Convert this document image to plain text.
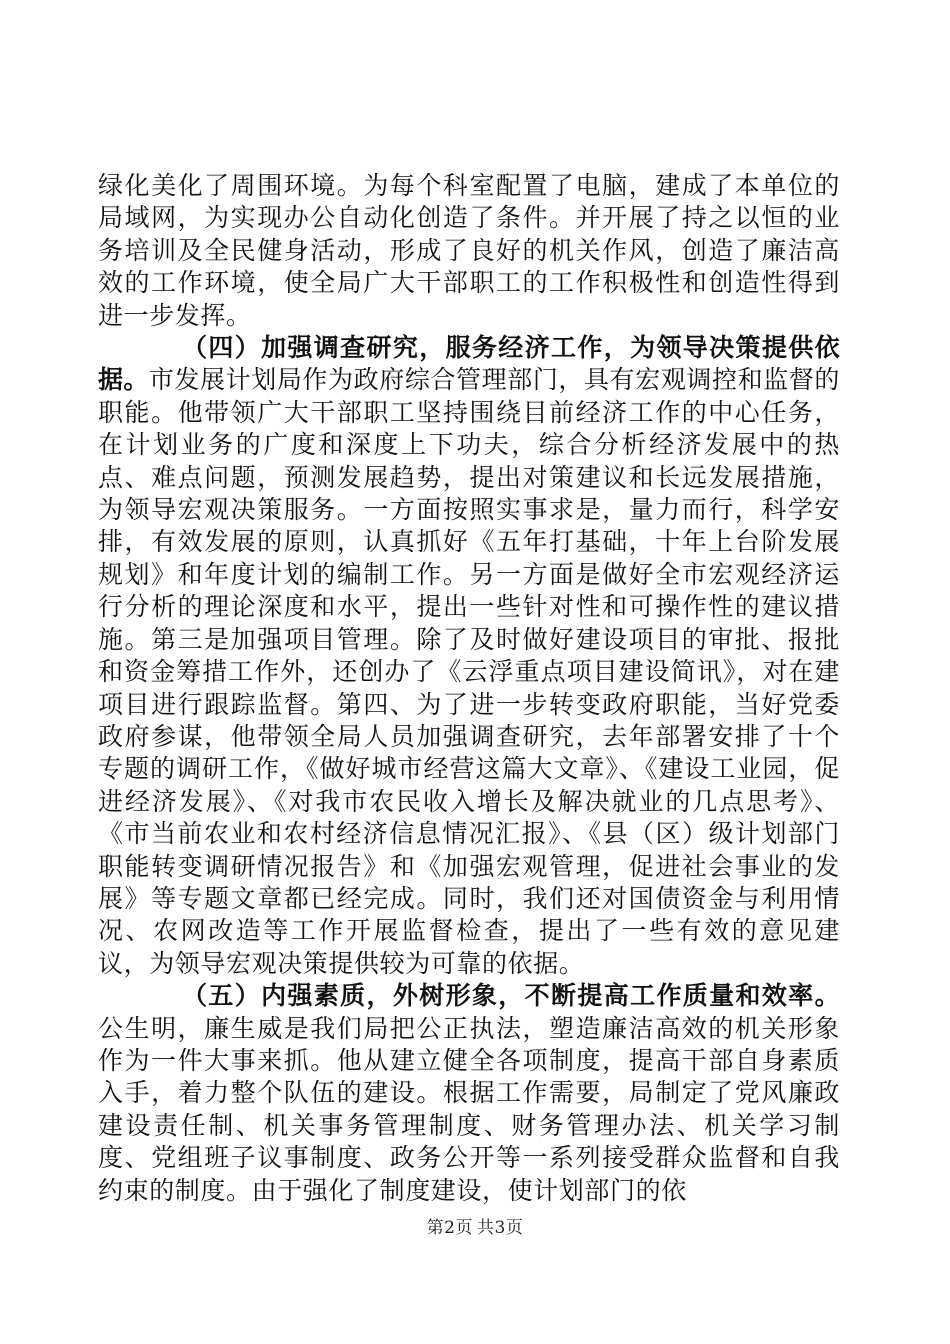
绿化美化了周围环境。为每个科室配置了电脑，建成了本单位的局域网，为实现办公自动化创造了条件。并开展了持之以恒的业务培训及全民健身活动，形成了良好的机关作风，创造了廉洁高效的工作环境，使全局广大干部职工的工作积极性和创造性得到进一步发挥。

（四）加强调查研究，服务经济工作，为领导决策提供依据。市发展计划局作为政府综合管理部门，具有宏观调控和监督的职能。他带领广大干部职工坚持围绕目前经济工作的中心任务，在计划业务的广度和深度上下功夫，综合分析经济发展中的热点、难点问题，预测发展趋势，提出对策建议和长远发展措施，为领导宏观决策服务。一方面按照实事求是，量力而行，科学安排，有效发展的原则，认真抓好《五年打基础，十年上台阶发展规划》和年度计划的编制工作。另一方面是做好全市宏观经济运行分析的理论深度和水平，提出一些针对性和可操作性的建议措施。第三是加强项目管理。除了及时做好建设项目的审批、报批和资金筹措工作外，还创办了《云浮重点项目建设简讯》，对在建项目进行跟踪监督。第四、为了进一步转变政府职能，当好党委政府参谋，他带领全局人员加强调查研究，去年部署安排了十个专题的调研工作，《做好城市经营这篇大文章》、《建设工业园，促进经济发展》、《对我市农民收入增长及解决就业的几点思考》、《市当前农业和农村经济信息情况汇报》、《县（区）级计划部门职能转变调研情况报告》和《加强宏观管理，促进社会事业的发展》等专题文章都已经完成。同时，我们还对国债资金与利用情况、农网改造等工作开展监督检查，提出了一些有效的意见建议，为领导宏观决策提供较为可靠的依据。

（五）内强素质，外树形象，不断提高工作质量和效率。公生明，廉生威是我们局把公正执法，塑造廉洁高效的机关形象作为一件大事来抓。他从建立健全各项制度，提高干部自身素质入手，着力整个队伍的建设。根据工作需要，局制定了党风廉政建设责任制、机关事务管理制度、财务管理办法、机关学习制度、党组班子议事制度、政务公开等一系列接受群众监督和自我约束的制度。由于强化了制度建设，使计划部门的依

第2页 共3页
